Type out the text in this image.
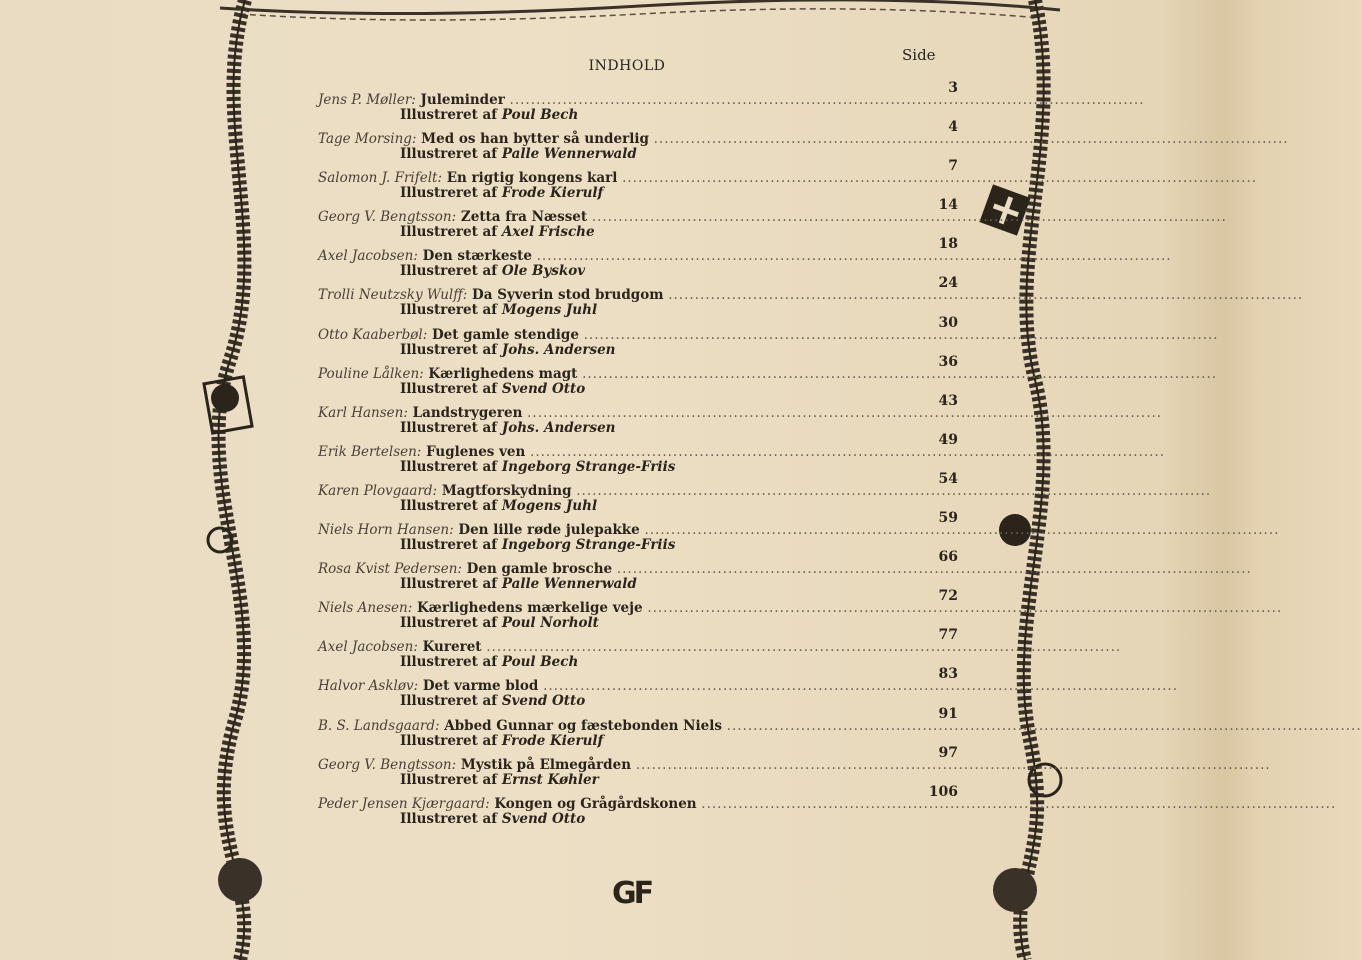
INDHOLD
Side
3
Jens P. Møller: Juleminder ........................................................................................................................
Illustreret af Poul Bech
4
Tage Morsing: Med os han bytter så underlig ........................................................................................................................
Illustreret af Palle Wennerwald
7
Salomon J. Frifelt: En rigtig kongens karl ........................................................................................................................
Illustreret af Frode Kierulf
14
Georg V. Bengtsson: Zetta fra Næsset ........................................................................................................................
Illustreret af Axel Frische
18
Axel Jacobsen: Den stærkeste ........................................................................................................................
Illustreret af Ole Byskov
24
Trolli Neutzsky Wulff: Da Syverin stod brudgom ........................................................................................................................
Illustreret af Mogens Juhl
30
Otto Kaaberbøl: Det gamle stendige ........................................................................................................................
Illustreret af Johs. Andersen
36
Pouline Lålken: Kærlighedens magt ........................................................................................................................
Illustreret af Svend Otto
43
Karl Hansen: Landstrygeren ........................................................................................................................
Illustreret af Johs. Andersen
49
Erik Bertelsen: Fuglenes ven ........................................................................................................................
Illustreret af Ingeborg Strange-Friis
54
Karen Plovgaard: Magtforskydning ........................................................................................................................
Illustreret af Mogens Juhl
59
Niels Horn Hansen: Den lille røde julepakke ........................................................................................................................
Illustreret af Ingeborg Strange-Friis
66
Rosa Kvist Pedersen: Den gamle brosche ........................................................................................................................
Illustreret af Palle Wennerwald
72
Niels Anesen: Kærlighedens mærkelige veje ........................................................................................................................
Illustreret af Poul Norholt
77
Axel Jacobsen: Kureret ........................................................................................................................
Illustreret af Poul Bech
83
Halvor Askløv: Det varme blod ........................................................................................................................
Illustreret af Svend Otto
91
B. S. Landsgaard: Abbed Gunnar og fæstebonden Niels ........................................................................................................................
Illustreret af Frode Kierulf
97
Georg V. Bengtsson: Mystik på Elmegården ........................................................................................................................
Illustreret af Ernst Køhler
106
Peder Jensen Kjærgaard: Kongen og Grågårdskonen ........................................................................................................................
Illustreret af Svend Otto
GF
